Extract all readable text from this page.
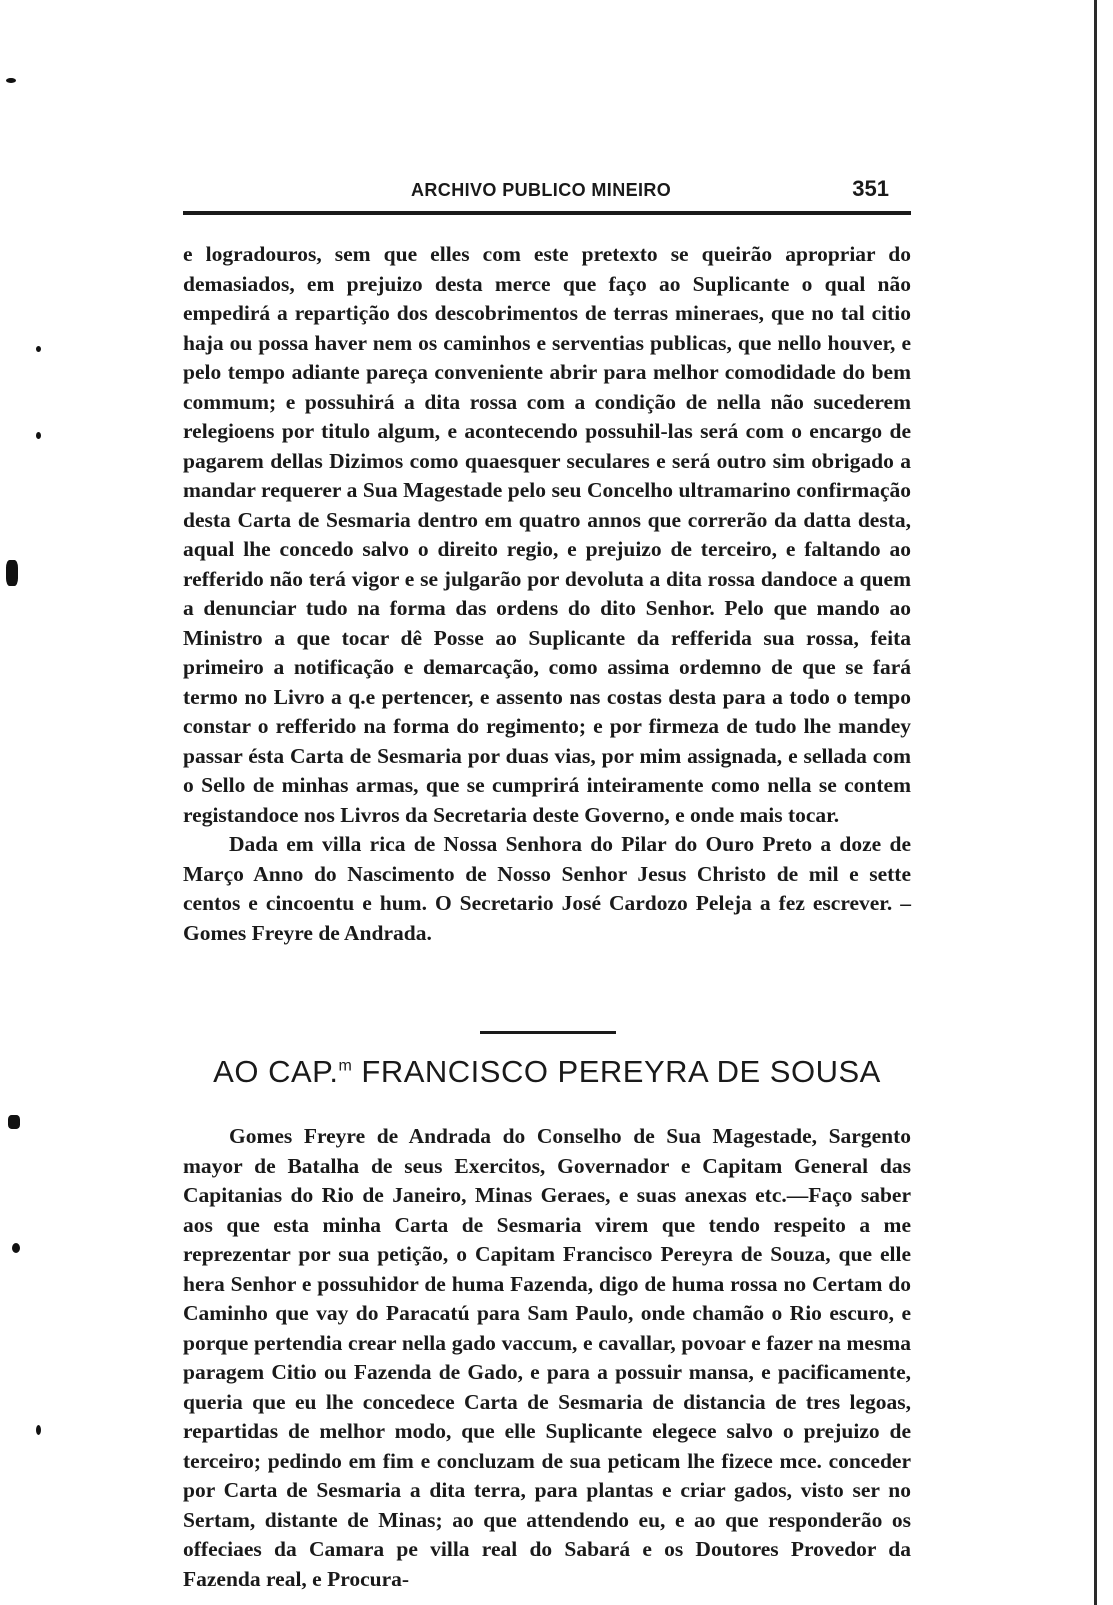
ARCHIVO PUBLICO MINEIRO	351

e logradouros, sem que elles com este pretexto se queirão apropriar do demasiados, em prejuizo desta merce que faço ao Suplicante o qual não empedirá a repartição dos descobrimentos de terras mineraes, que no tal citio haja ou possa haver nem os caminhos e serventias publicas, que nello houver, e pelo tempo adiante pareça conveniente abrir para melhor comodidade do bem commum; e possuhirá a dita rossa com a condição de nella não sucederem relegioens por titulo algum, e acontecendo possuhil-las será com o encargo de pagarem dellas Dizimos como quaesquer seculares e será outro sim obrigado a mandar requerer a Sua Magestade pelo seu Concelho ultramarino confirmação desta Carta de Sesmaria dentro em quatro annos que correrão da datta desta, aqual lhe concedo salvo o direito regio, e prejuizo de terceiro, e faltando ao refferido não terá vigor e se julgarão por devoluta a dita rossa dandoce a quem a denunciar tudo na forma das ordens do dito Senhor. Pelo que mando ao Ministro a que tocar dê Posse ao Suplicante da refferida sua rossa, feita primeiro a notificação e demarcação, como assima ordemno de que se fará termo no Livro a q.e pertencer, e assento nas costas desta para a todo o tempo constar o refferido na forma do regimento; e por firmeza de tudo lhe mandey passar ésta Carta de Sesmaria por duas vias, por mim assignada, e sellada com o Sello de minhas armas, que se cumprirá inteiramente como nella se contem registandoce nos Livros da Secretaria deste Governo, e onde mais tocar.

Dada em villa rica de Nossa Senhora do Pilar do Ouro Preto a doze de Março Anno do Nascimento de Nosso Senhor Jesus Christo de mil e sette centos e cincoentu e hum. O Secretario José Cardozo Peleja a fez escrever. –Gomes Freyre de Andrada.

AO CAP.$^m$ FRANCISCO PEREYRA DE SOUSA

Gomes Freyre de Andrada do Conselho de Sua Magestade, Sargento mayor de Batalha de seus Exercitos, Governador e Capitam General das Capitanias do Rio de Janeiro, Minas Geraes, e suas anexas etc.—Faço saber aos que esta minha Carta de Sesmaria virem que tendo respeito a me reprezentar por sua petição, o Capitam Francisco Pereyra de Souza, que elle hera Senhor e possuhidor de huma Fazenda, digo de huma rossa no Certam do Caminho que vay do Paracatú para Sam Paulo, onde chamão o Rio escuro, e porque pertendia crear nella gado vaccum, e cavallar, povoar e fazer na mesma paragem Citio ou Fazenda de Gado, e para a possuir mansa, e pacificamente, queria que eu lhe concedece Carta de Sesmaria de distancia de tres legoas, repartidas de melhor modo, que elle Suplicante elegece salvo o prejuizo de terceiro; pedindo em fim e concluzam de sua peticam lhe fizece mce. conceder por Carta de Sesmaria a dita terra, para plantas e criar gados, visto ser no Sertam, distante de Minas; ao que attendendo eu, e ao que responderão os offeciaes da Camara pe villa real do Sabará e os Doutores Provedor da Fazenda real, e Procura-
